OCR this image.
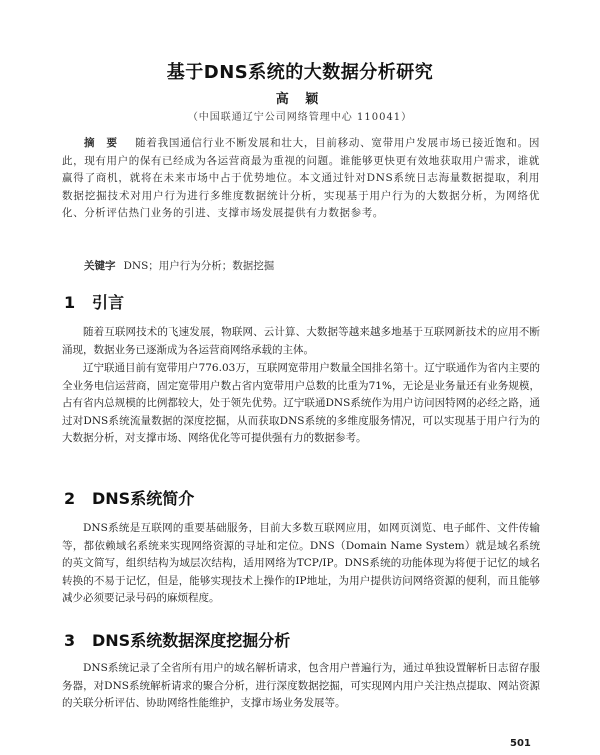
基于DNS系统的大数据分析研究
高 颖
（中国联通辽宁公司网络管理中心 110041）
摘 要 随着我国通信行业不断发展和壮大，目前移动、宽带用户发展市场已接近饱和。因此，现有用户的保有已经成为各运营商最为重视的问题。谁能够更快更有效地获取用户需求，谁就赢得了商机，就将在未来市场中占于优势地位。本文通过针对DNS系统日志海量数据提取，利用数据挖掘技术对用户行为进行多维度数据统计分析，实现基于用户行为的大数据分析，为网络优化、分析评估热门业务的引进、支撑市场发展提供有力数据参考。
关键字 DNS；用户行为分析；数据挖掘
1 引言
随着互联网技术的飞速发展，物联网、云计算、大数据等越来越多地基于互联网新技术的应用不断涌现，数据业务已逐渐成为各运营商网络承载的主体。
辽宁联通目前有宽带用户776.03万，互联网宽带用户数量全国排名第十。辽宁联通作为省内主要的全业务电信运营商，固定宽带用户数占省内宽带用户总数的比重为71%，无论是业务量还有业务规模，占有省内总规模的比例都较大，处于领先优势。辽宁联通DNS系统作为用户访问因特网的必经之路，通过对DNS系统流量数据的深度挖掘，从而获取DNS系统的多维度服务情况，可以实现基于用户行为的大数据分析，对支撑市场、网络优化等可提供强有力的数据参考。
2 DNS系统简介
DNS系统是互联网的重要基础服务，目前大多数互联网应用，如网页浏览、电子邮件、文件传输等，都依赖域名系统来实现网络资源的寻址和定位。DNS（Domain Name System）就是域名系统的英文简写，组织结构为域层次结构，适用网络为TCP/IP。DNS系统的功能体现为将便于记忆的域名转换的不易于记忆，但是，能够实现技术上操作的IP地址，为用户提供访问网络资源的便利，而且能够减少必须要记录号码的麻烦程度。
3 DNS系统数据深度挖掘分析
DNS系统记录了全省所有用户的域名解析请求，包含用户普遍行为，通过单独设置解析日志留存服务器，对DNS系统解析请求的聚合分析，进行深度数据挖掘，可实现网内用户关注热点提取、网站资源的关联分析评估、协助网络性能维护，支撑市场业务发展等。
501
